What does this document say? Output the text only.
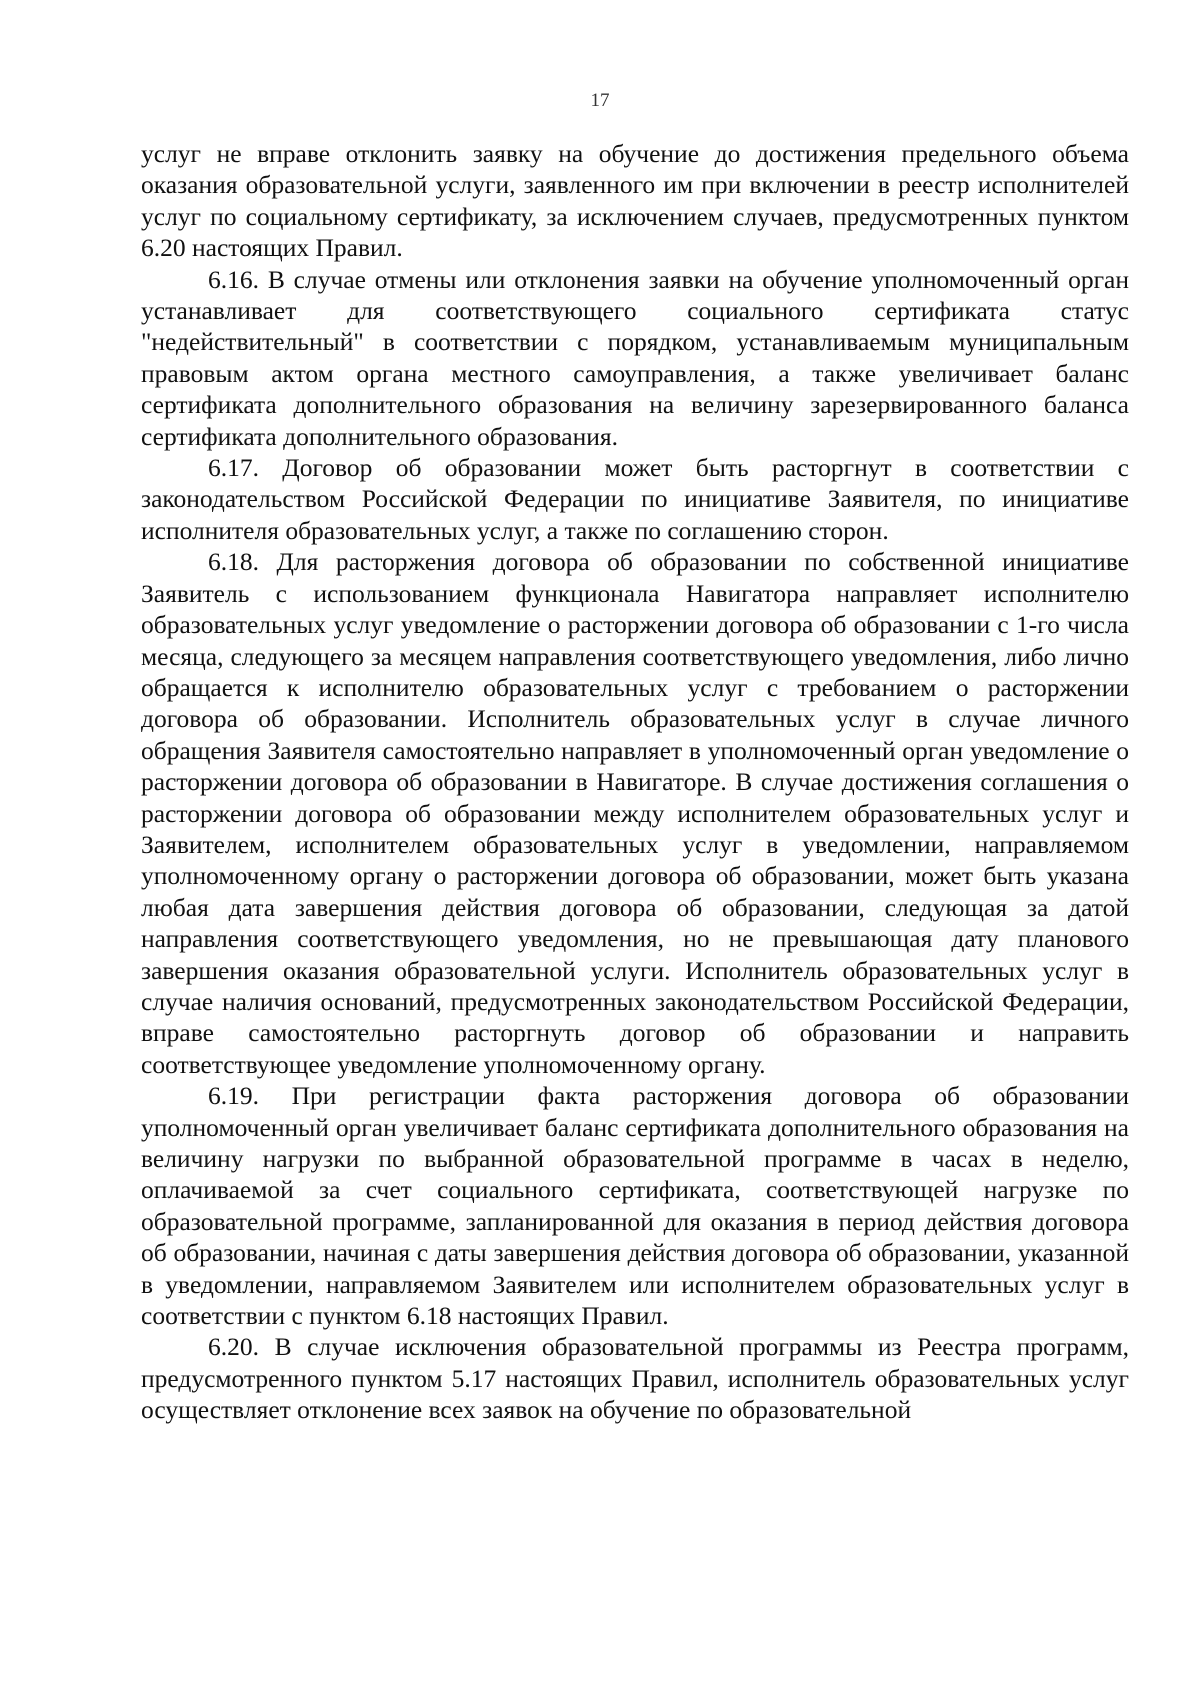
17

услуг не вправе отклонить заявку на обучение до достижения предельного объема оказания образовательной услуги, заявленного им при включении в реестр исполнителей услуг по социальному сертификату, за исключением случаев, предусмотренных пунктом 6.20 настоящих Правил.

6.16. В случае отмены или отклонения заявки на обучение уполномоченный орган устанавливает для соответствующего социального сертификата статус "недействительный" в соответствии с порядком, устанавливаемым муниципальным правовым актом органа местного самоуправления, а также увеличивает баланс сертификата дополнительного образования на величину зарезервированного баланса сертификата дополнительного образования.

6.17. Договор об образовании может быть расторгнут в соответствии с законодательством Российской Федерации по инициативе Заявителя, по инициативе исполнителя образовательных услуг, а также по соглашению сторон.

6.18. Для расторжения договора об образовании по собственной инициативе Заявитель с использованием функционала Навигатора направляет исполнителю образовательных услуг уведомление о расторжении договора об образовании с 1-го числа месяца, следующего за месяцем направления соответствующего уведомления, либо лично обращается к исполнителю образовательных услуг с требованием о расторжении договора об образовании. Исполнитель образовательных услуг в случае личного обращения Заявителя самостоятельно направляет в уполномоченный орган уведомление о расторжении договора об образовании в Навигаторе. В случае достижения соглашения о расторжении договора об образовании между исполнителем образовательных услуг и Заявителем, исполнителем образовательных услуг в уведомлении, направляемом уполномоченному органу о расторжении договора об образовании, может быть указана любая дата завершения действия договора об образовании, следующая за датой направления соответствующего уведомления, но не превышающая дату планового завершения оказания образовательной услуги. Исполнитель образовательных услуг в случае наличия оснований, предусмотренных законодательством Российской Федерации, вправе самостоятельно расторгнуть договор об образовании и направить соответствующее уведомление уполномоченному органу.

6.19. При регистрации факта расторжения договора об образовании уполномоченный орган увеличивает баланс сертификата дополнительного образования на величину нагрузки по выбранной образовательной программе в часах в неделю, оплачиваемой за счет социального сертификата, соответствующей нагрузке по образовательной программе, запланированной для оказания в период действия договора об образовании, начиная с даты завершения действия договора об образовании, указанной в уведомлении, направляемом Заявителем или исполнителем образовательных услуг в соответствии с пунктом 6.18 настоящих Правил.

6.20. В случае исключения образовательной программы из Реестра программ, предусмотренного пунктом 5.17 настоящих Правил, исполнитель образовательных услуг осуществляет отклонение всех заявок на обучение по образовательной
